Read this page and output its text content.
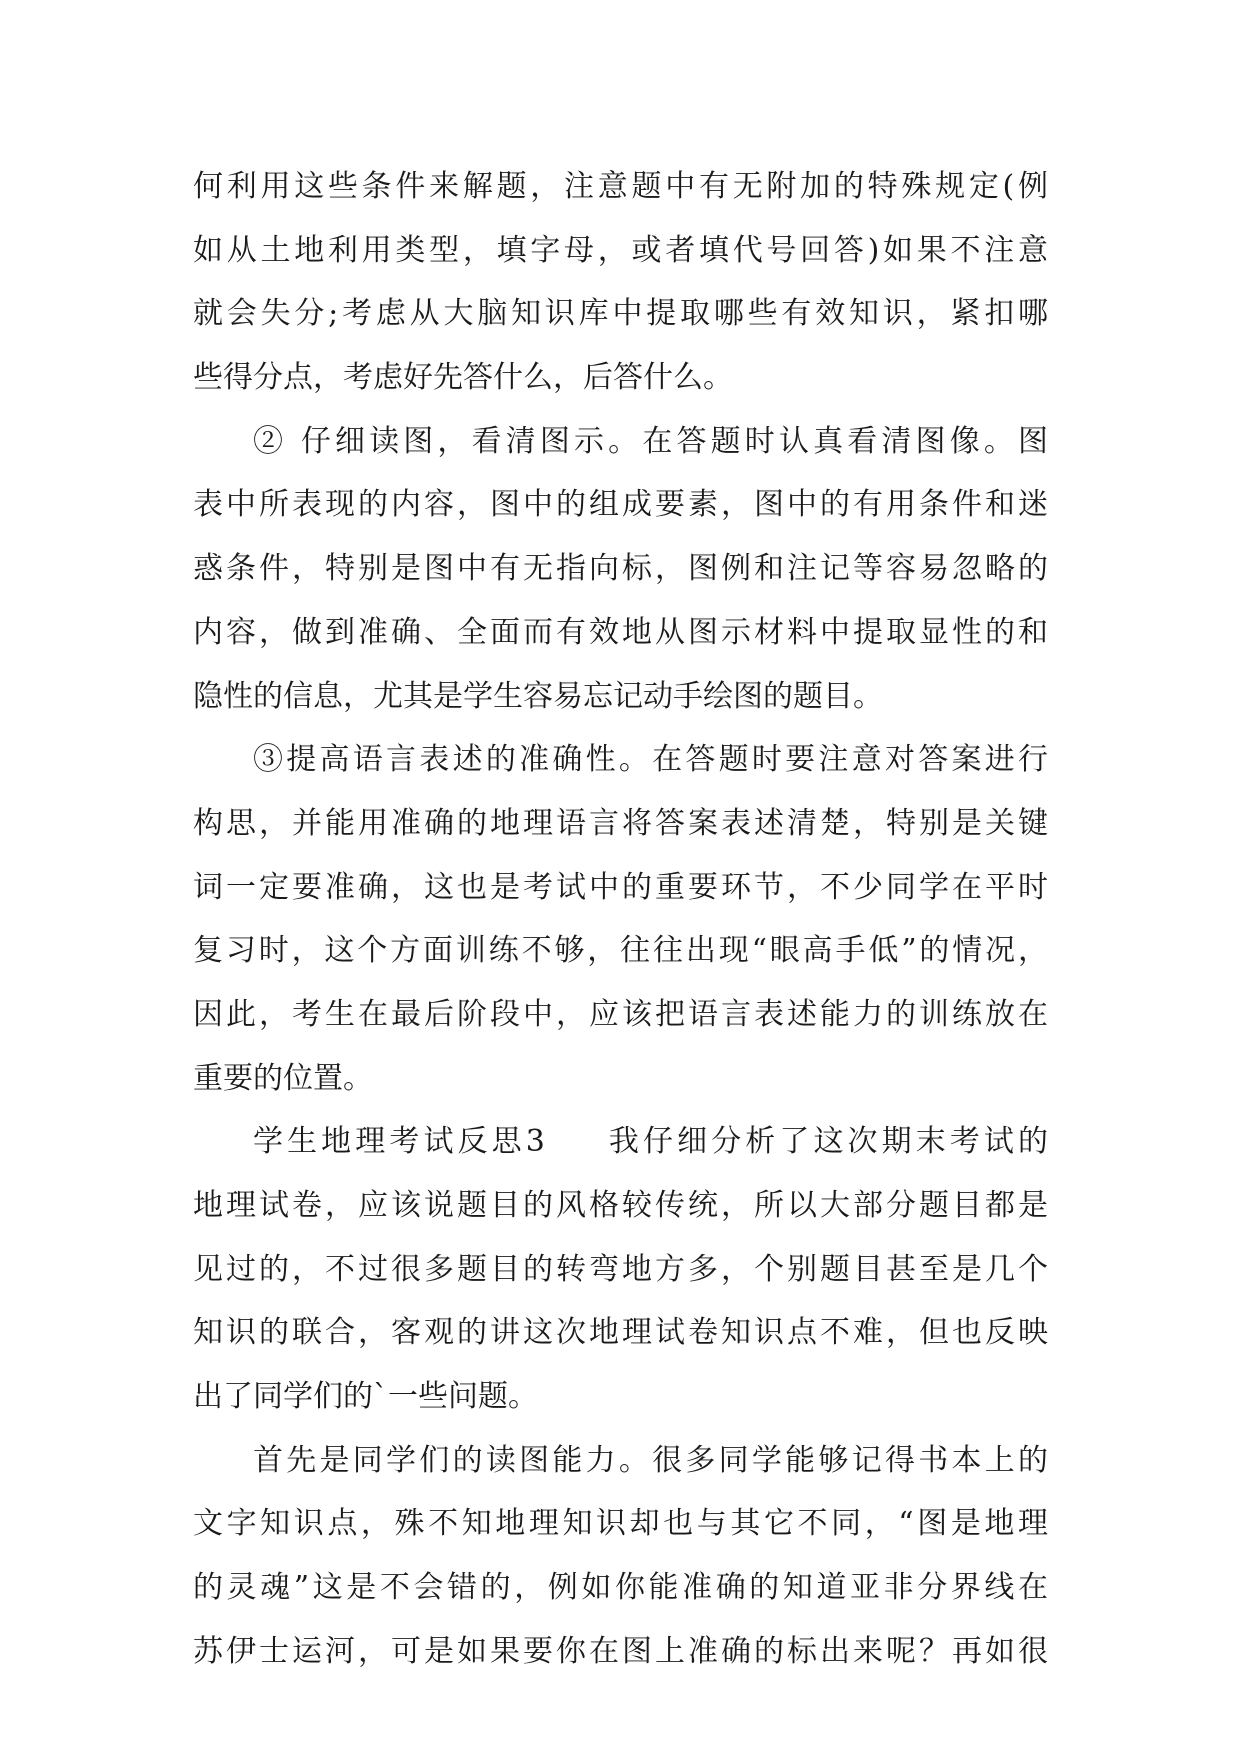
何利用这些条件来解题，注意题中有无附加的特殊规定(例
如从土地利用类型，填字母，或者填代号回答)如果不注意
就会失分;考虑从大脑知识库中提取哪些有效知识，紧扣哪
些得分点，考虑好先答什么，后答什么。
② 仔细读图，看清图示。在答题时认真看清图像。图
表中所表现的内容，图中的组成要素，图中的有用条件和迷
惑条件，特别是图中有无指向标，图例和注记等容易忽略的
内容，做到准确、全面而有效地从图示材料中提取显性的和
隐性的信息，尤其是学生容易忘记动手绘图的题目。
③提高语言表述的准确性。在答题时要注意对答案进行
构思，并能用准确的地理语言将答案表述清楚，特别是关键
词一定要准确，这也是考试中的重要环节，不少同学在平时
复习时，这个方面训练不够，往往出现“眼高手低”的情况，
因此，考生在最后阶段中，应该把语言表述能力的训练放在
重要的位置。
学生地理考试反思3 我仔细分析了这次期末考试的
地理试卷，应该说题目的风格较传统，所以大部分题目都是
见过的，不过很多题目的转弯地方多，个别题目甚至是几个
知识的联合，客观的讲这次地理试卷知识点不难，但也反映
出了同学们的`一些问题。
首先是同学们的读图能力。很多同学能够记得书本上的
文字知识点，殊不知地理知识却也与其它不同，“图是地理
的灵魂”这是不会错的，例如你能准确的知道亚非分界线在
苏伊士运河，可是如果要你在图上准确的标出来呢？再如很
